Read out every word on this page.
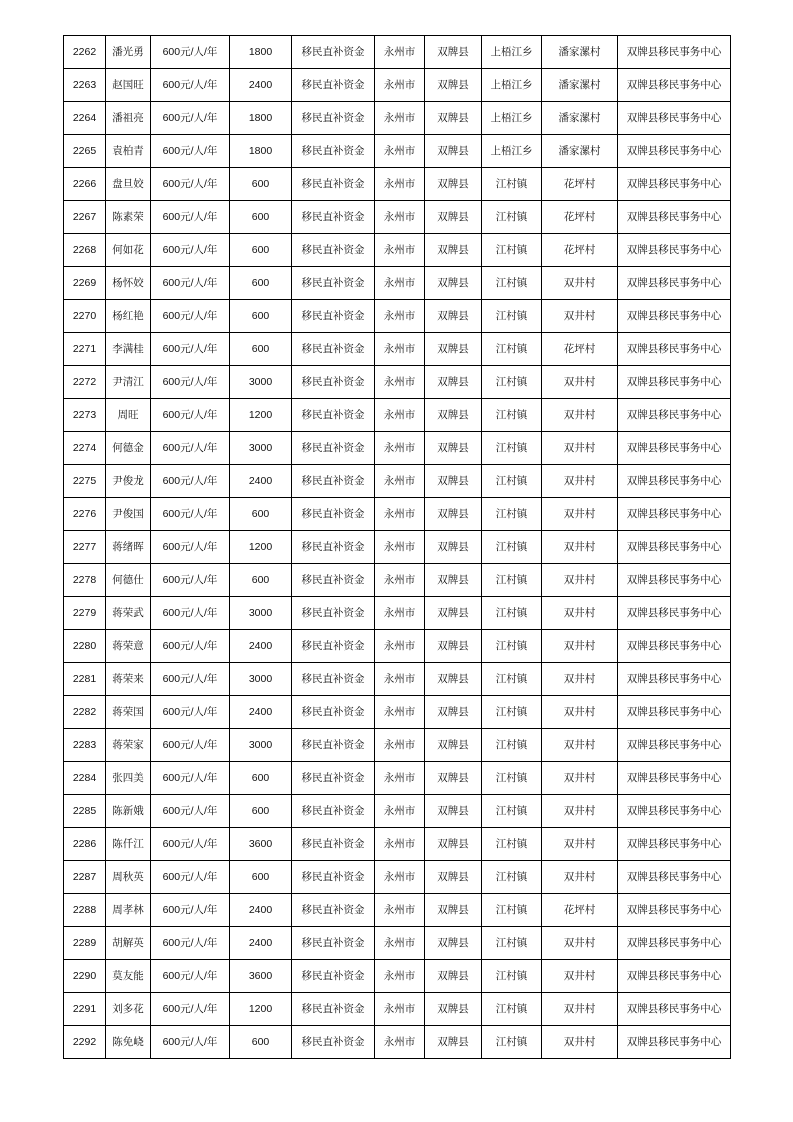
2262	潘光勇	600元/人/年	1800	移民直补资金	永州市	双牌县	上梧江乡	潘家漯村	双牌县移民事务中心
2263	赵国旺	600元/人/年	2400	移民直补资金	永州市	双牌县	上梧江乡	潘家漯村	双牌县移民事务中心
2264	潘祖亮	600元/人/年	1800	移民直补资金	永州市	双牌县	上梧江乡	潘家漯村	双牌县移民事务中心
2265	袁柏青	600元/人/年	1800	移民直补资金	永州市	双牌县	上梧江乡	潘家漯村	双牌县移民事务中心
2266	盘旦姣	600元/人/年	600	移民直补资金	永州市	双牌县	江村镇	花坪村	双牌县移民事务中心
2267	陈素荣	600元/人/年	600	移民直补资金	永州市	双牌县	江村镇	花坪村	双牌县移民事务中心
2268	何如花	600元/人/年	600	移民直补资金	永州市	双牌县	江村镇	花坪村	双牌县移民事务中心
2269	杨怀姣	600元/人/年	600	移民直补资金	永州市	双牌县	江村镇	双井村	双牌县移民事务中心
2270	杨红艳	600元/人/年	600	移民直补资金	永州市	双牌县	江村镇	双井村	双牌县移民事务中心
2271	李满桂	600元/人/年	600	移民直补资金	永州市	双牌县	江村镇	花坪村	双牌县移民事务中心
2272	尹清江	600元/人/年	3000	移民直补资金	永州市	双牌县	江村镇	双井村	双牌县移民事务中心
2273	周旺	600元/人/年	1200	移民直补资金	永州市	双牌县	江村镇	双井村	双牌县移民事务中心
2274	何德金	600元/人/年	3000	移民直补资金	永州市	双牌县	江村镇	双井村	双牌县移民事务中心
2275	尹俊龙	600元/人/年	2400	移民直补资金	永州市	双牌县	江村镇	双井村	双牌县移民事务中心
2276	尹俊国	600元/人/年	600	移民直补资金	永州市	双牌县	江村镇	双井村	双牌县移民事务中心
2277	蒋绪晖	600元/人/年	1200	移民直补资金	永州市	双牌县	江村镇	双井村	双牌县移民事务中心
2278	何德仕	600元/人/年	600	移民直补资金	永州市	双牌县	江村镇	双井村	双牌县移民事务中心
2279	蒋荣武	600元/人/年	3000	移民直补资金	永州市	双牌县	江村镇	双井村	双牌县移民事务中心
2280	蒋荣意	600元/人/年	2400	移民直补资金	永州市	双牌县	江村镇	双井村	双牌县移民事务中心
2281	蒋荣来	600元/人/年	3000	移民直补资金	永州市	双牌县	江村镇	双井村	双牌县移民事务中心
2282	蒋荣国	600元/人/年	2400	移民直补资金	永州市	双牌县	江村镇	双井村	双牌县移民事务中心
2283	蒋荣家	600元/人/年	3000	移民直补资金	永州市	双牌县	江村镇	双井村	双牌县移民事务中心
2284	张四美	600元/人/年	600	移民直补资金	永州市	双牌县	江村镇	双井村	双牌县移民事务中心
2285	陈新娥	600元/人/年	600	移民直补资金	永州市	双牌县	江村镇	双井村	双牌县移民事务中心
2286	陈仟江	600元/人/年	3600	移民直补资金	永州市	双牌县	江村镇	双井村	双牌县移民事务中心
2287	周秋英	600元/人/年	600	移民直补资金	永州市	双牌县	江村镇	双井村	双牌县移民事务中心
2288	周孝林	600元/人/年	2400	移民直补资金	永州市	双牌县	江村镇	花坪村	双牌县移民事务中心
2289	胡解英	600元/人/年	2400	移民直补资金	永州市	双牌县	江村镇	双井村	双牌县移民事务中心
2290	莫友能	600元/人/年	3600	移民直补资金	永州市	双牌县	江村镇	双井村	双牌县移民事务中心
2291	刘多花	600元/人/年	1200	移民直补资金	永州市	双牌县	江村镇	双井村	双牌县移民事务中心
2292	陈免峣	600元/人/年	600	移民直补资金	永州市	双牌县	江村镇	双井村	双牌县移民事务中心
